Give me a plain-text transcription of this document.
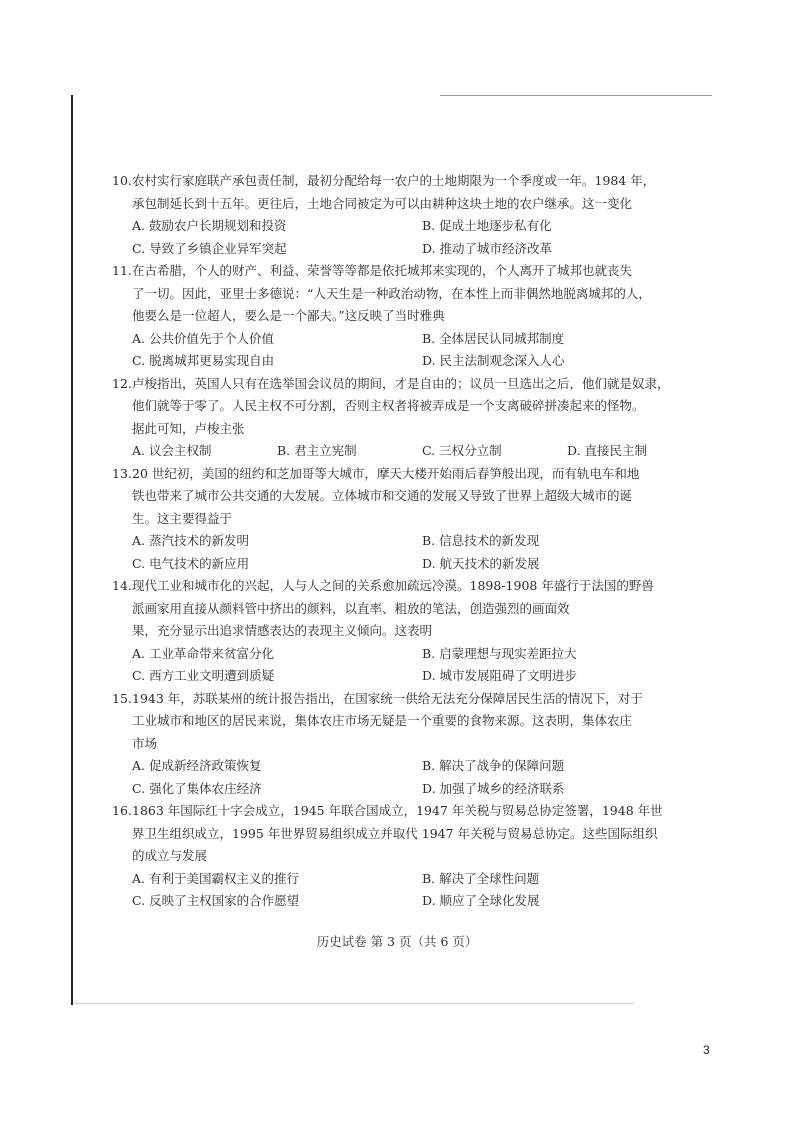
10. 农村实行家庭联产承包责任制，最初分配给每一农户的土地期限为一个季度或一年。1984 年，
承包制延长到十五年。更往后，土地合同被定为可以由耕种这块土地的农户继承。这一变化
A. 鼓励农户长期规划和投资	B. 促成土地逐步私有化
C. 导致了乡镇企业异军突起	D. 推动了城市经济改革
11. 在古希腊，个人的财产、利益、荣誉等等都是依托城邦来实现的，个人离开了城邦也就丧失
了一切。因此，亚里士多德说：“人天生是一种政治动物，在本性上而非偶然地脱离城邦的人，
他要么是一位超人，要么是一个鄙夫。”这反映了当时雅典
A. 公共价值先于个人价值	B. 全体居民认同城邦制度
C. 脱离城邦更易实现自由	D. 民主法制观念深入人心
12. 卢梭指出，英国人只有在选举国会议员的期间，才是自由的；议员一旦选出之后，他们就是奴隶，
他们就等于零了。人民主权不可分割，否则主权者将被弄成是一个支离破碎拼凑起来的怪物。
据此可知，卢梭主张
A. 议会主权制	B. 君主立宪制	C. 三权分立制	D. 直接民主制
13. 20 世纪初，美国的纽约和芝加哥等大城市，摩天大楼开始雨后春笋般出现，而有轨电车和地
铁也带来了城市公共交通的大发展。立体城市和交通的发展又导致了世界上超级大城市的诞
生。这主要得益于
A. 蒸汽技术的新发明	B. 信息技术的新发现
C. 电气技术的新应用	D. 航天技术的新发展
14. 现代工业和城市化的兴起，人与人之间的关系愈加疏远冷漠。1898-1908 年盛行于法国的野兽
派画家用直接从颜料管中挤出的颜料，以直率、粗放的笔法，创造强烈的画面效
果，充分显示出追求情感表达的表现主义倾向。这表明
A. 工业革命带来贫富分化	B. 启蒙理想与现实差距拉大
C. 西方工业文明遭到质疑	D. 城市发展阻碍了文明进步
15. 1943 年，苏联某州的统计报告指出，在国家统一供给无法充分保障居民生活的情况下，对于
工业城市和地区的居民来说，集体农庄市场无疑是一个重要的食物来源。这表明，集体农庄
市场
A. 促成新经济政策恢复	B. 解决了战争的保障问题
C. 强化了集体农庄经济	D. 加强了城乡的经济联系
16. 1863 年国际红十字会成立，1945 年联合国成立，1947 年关税与贸易总协定签署，1948 年世
界卫生组织成立，1995 年世界贸易组织成立并取代 1947 年关税与贸易总协定。这些国际组织
的成立与发展
A. 有利于美国霸权主义的推行	B. 解决了全球性问题
C. 反映了主权国家的合作愿望	D. 顺应了全球化发展
历史试卷 第 3 页（共 6 页）
3
